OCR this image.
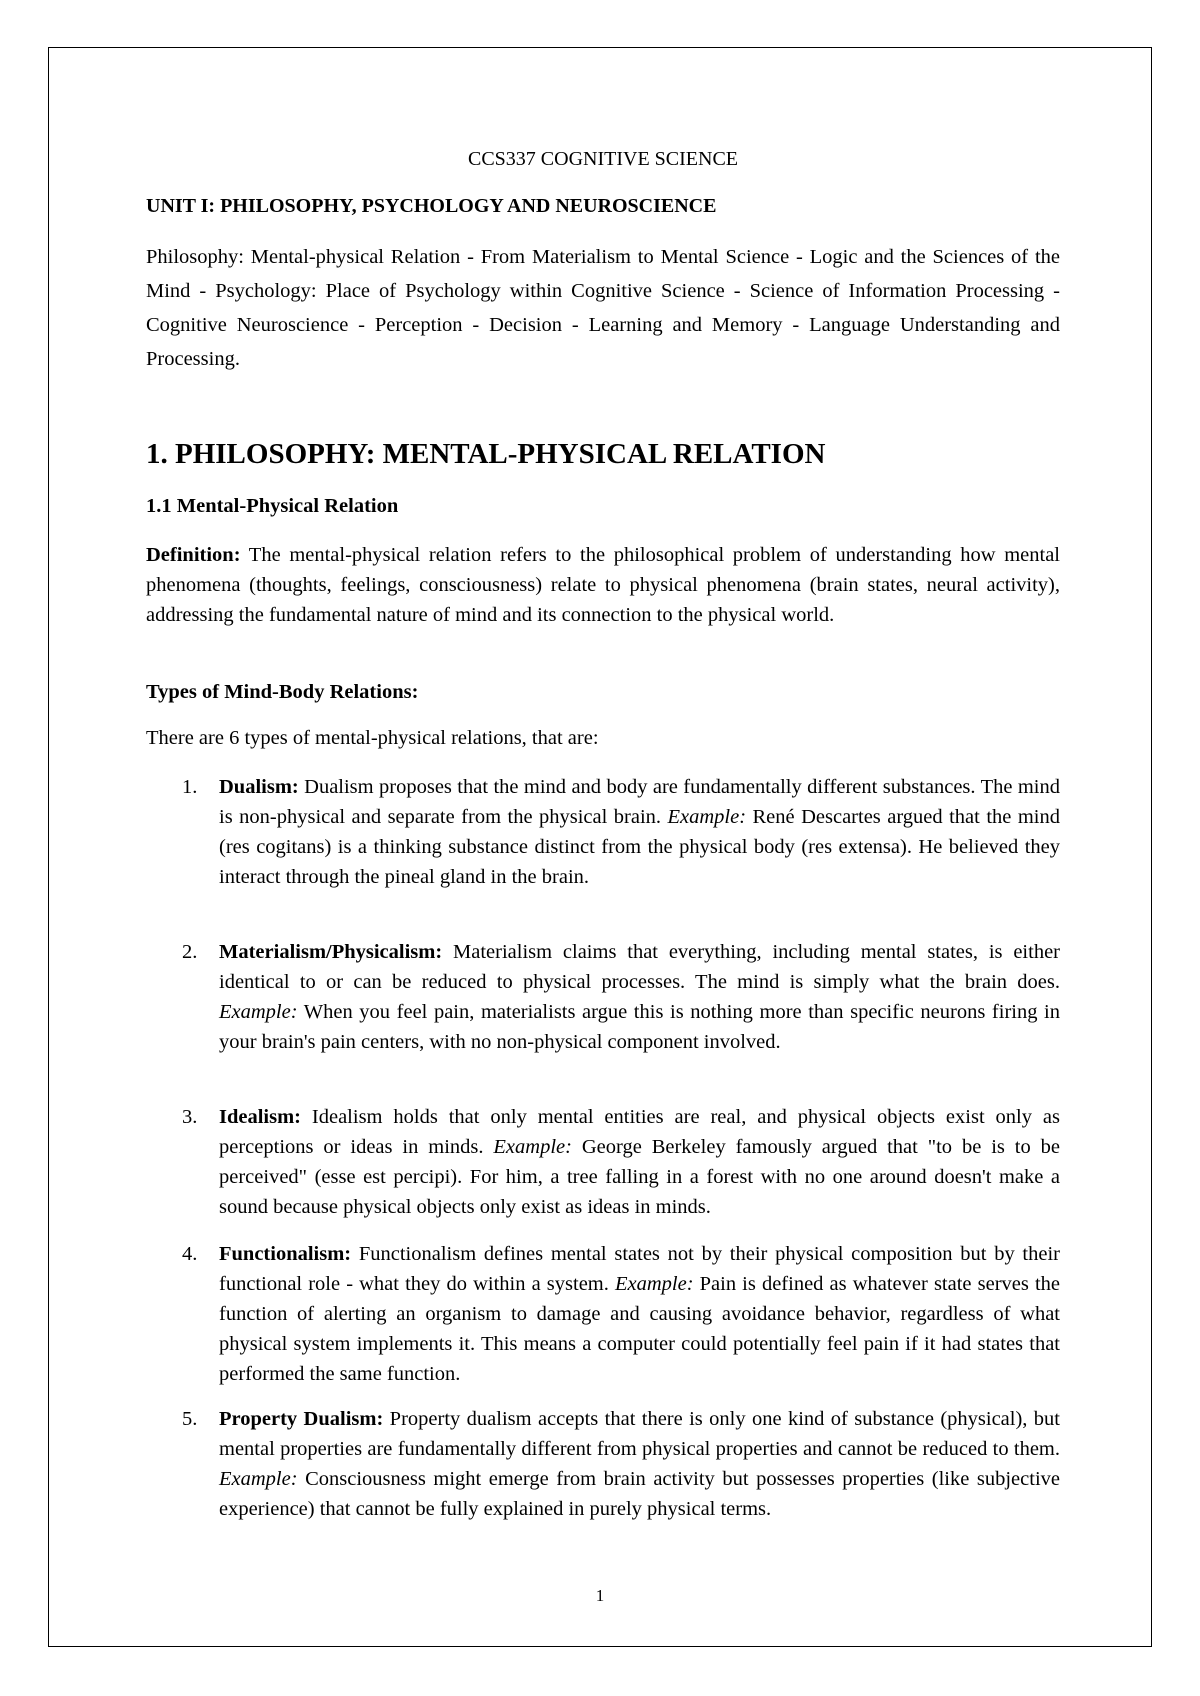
CCS337 COGNITIVE SCIENCE
UNIT I: PHILOSOPHY, PSYCHOLOGY AND NEUROSCIENCE
Philosophy: Mental-physical Relation - From Materialism to Mental Science - Logic and the Sciences of the Mind - Psychology: Place of Psychology within Cognitive Science - Science of Information Processing -Cognitive Neuroscience - Perception - Decision - Learning and Memory - Language Understanding and Processing.
1. PHILOSOPHY: MENTAL-PHYSICAL RELATION
1.1 Mental-Physical Relation
Definition: The mental-physical relation refers to the philosophical problem of understanding how mental phenomena (thoughts, feelings, consciousness) relate to physical phenomena (brain states, neural activity), addressing the fundamental nature of mind and its connection to the physical world.
Types of Mind-Body Relations:
There are 6 types of mental-physical relations, that are:
1.	Dualism: Dualism proposes that the mind and body are fundamentally different substances. The mind is non-physical and separate from the physical brain. Example: René Descartes argued that the mind (res cogitans) is a thinking substance distinct from the physical body (res extensa). He believed they interact through the pineal gland in the brain.
2.	Materialism/Physicalism: Materialism claims that everything, including mental states, is either identical to or can be reduced to physical processes. The mind is simply what the brain does. Example: When you feel pain, materialists argue this is nothing more than specific neurons firing in your brain's pain centers, with no non-physical component involved.
3.	Idealism: Idealism holds that only mental entities are real, and physical objects exist only as perceptions or ideas in minds. Example: George Berkeley famously argued that "to be is to be perceived" (esse est percipi). For him, a tree falling in a forest with no one around doesn't make a sound because physical objects only exist as ideas in minds.
4.	Functionalism: Functionalism defines mental states not by their physical composition but by their functional role - what they do within a system. Example: Pain is defined as whatever state serves the function of alerting an organism to damage and causing avoidance behavior, regardless of what physical system implements it. This means a computer could potentially feel pain if it had states that performed the same function.
5.	Property Dualism: Property dualism accepts that there is only one kind of substance (physical), but mental properties are fundamentally different from physical properties and cannot be reduced to them. Example: Consciousness might emerge from brain activity but possesses properties (like subjective experience) that cannot be fully explained in purely physical terms.
1
